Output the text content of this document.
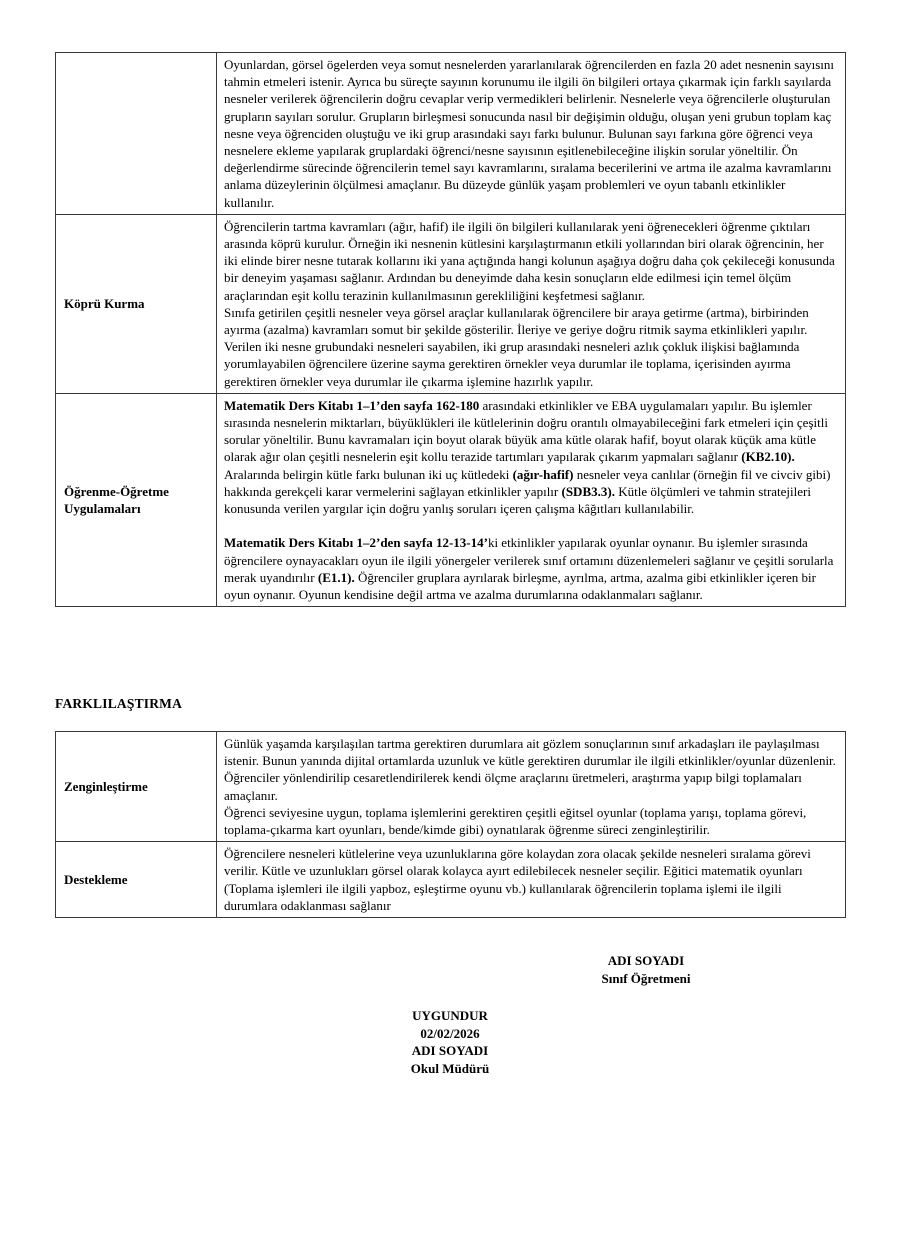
	Oyunlardan, görsel ögelerden veya somut nesnelerden yararlanılarak öğrencilerden en fazla 20 adet nesnenin sayısını tahmin etmeleri istenir. Ayrıca bu süreçte sayının korunumu ile ilgili ön bilgileri ortaya çıkarmak için farklı sayılarda nesneler verilerek öğrencilerin doğru cevaplar verip vermedikleri belirlenir. Nesnelerle veya öğrencilerle oluşturulan grupların sayıları sorulur. Grupların birleşmesi sonucunda nasıl bir değişimin olduğu, oluşan yeni grubun toplam kaç nesne veya öğrenciden oluştuğu ve iki grup arasındaki sayı farkı bulunur. Bulunan sayı farkına göre öğrenci veya nesnelere ekleme yapılarak gruplardaki öğrenci/nesne sayısının eşitlenebileceğine ilişkin sorular yöneltilir. Ön değerlendirme sürecinde öğrencilerin temel sayı kavramlarını, sıralama becerilerini ve artma ile azalma kavramlarını anlama düzeylerinin ölçülmesi amaçlanır. Bu düzeyde günlük yaşam problemleri ve oyun tabanlı etkinlikler kullanılır.

Köprü Kurma	Öğrencilerin tartma kavramları (ağır, hafif) ile ilgili ön bilgileri kullanılarak yeni öğrenecekleri öğrenme çıktıları arasında köprü kurulur. Örneğin iki nesnenin kütlesini karşılaştırmanın etkili yollarından biri olarak öğrencinin, her iki elinde birer nesne tutarak kollarını iki yana açtığında hangi kolunun aşağıya doğru daha çok çekileceği konusunda bir deneyim yaşaması sağlanır. Ardından bu deneyimde daha kesin sonuçların elde edilmesi için temel ölçüm araçlarından eşit kollu terazinin kullanılmasının gerekliliğini keşfetmesi sağlanır.

Sınıfa getirilen çeşitli nesneler veya görsel araçlar kullanılarak öğrencilere bir araya getirme (artma), birbirinden ayırma (azalma) kavramları somut bir şekilde gösterilir. İleriye ve geriye doğru ritmik sayma etkinlikleri yapılır. Verilen iki nesne grubundaki nesneleri sayabilen, iki grup arasındaki nesneleri azlık çokluk ilişkisi bağlamında yorumlayabilen öğrencilere üzerine sayma gerektiren örnekler veya durumlar ile toplama, içerisinden ayırma gerektiren örnekler veya durumlar ile çıkarma işlemine hazırlık yapılır.

Öğrenme-Öğretme Uygulamaları	Matematik Ders Kitabı 1–1’den sayfa 162-180 arasındaki etkinlikler ve EBA uygulamaları yapılır. Bu işlemler sırasında nesnelerin miktarları, büyüklükleri ile kütlelerinin doğru orantılı olmayabileceğini fark etmeleri için çeşitli sorular yöneltilir. Bunu kavramaları için boyut olarak büyük ama kütle olarak hafif, boyut olarak küçük ama kütle olarak ağır olan çeşitli nesnelerin eşit kollu terazide tartımları yapılarak çıkarım yapmaları sağlanır (KB2.10). Aralarında belirgin kütle farkı bulunan iki uç kütledeki (ağır-hafif) nesneler veya canlılar (örneğin fil ve civciv gibi) hakkında gerekçeli karar vermelerini sağlayan etkinlikler yapılır (SDB3.3). Kütle ölçümleri ve tahmin stratejileri konusunda verilen yargılar için doğru yanlış soruları içeren çalışma kâğıtları kullanılabilir.

Matematik Ders Kitabı 1–2’den sayfa 12-13-14’ki etkinlikler yapılarak oyunlar oynanır. Bu işlemler sırasında öğrencilere oynayacakları oyun ile ilgili yönergeler verilerek sınıf ortamını düzenlemeleri sağlanır ve çeşitli sorularla merak uyandırılır (E1.1). Öğrenciler gruplara ayrılarak birleşme, ayrılma, artma, azalma gibi etkinlikler içeren bir oyun oynanır. Oyunun kendisine değil artma ve azalma durumlarına odaklanmaları sağlanır.

FARKLILAŞTIRMA
Zenginleştirme	Günlük yaşamda karşılaşılan tartma gerektiren durumlara ait gözlem sonuçlarının sınıf arkadaşları ile paylaşılması istenir. Bunun yanında dijital ortamlarda uzunluk ve kütle gerektiren durumlar ile ilgili etkinlikler/oyunlar düzenlenir. Öğrenciler yönlendirilip cesaretlendirilerek kendi ölçme araçlarını üretmeleri, araştırma yapıp bilgi toplamaları amaçlanır.

Öğrenci seviyesine uygun, toplama işlemlerini gerektiren çeşitli eğitsel oyunlar (toplama yarışı, toplama görevi, toplama-çıkarma kart oyunları, bende/kimde gibi) oynatılarak öğrenme süreci zenginleştirilir.

Destekleme	Öğrencilere nesneleri kütlelerine veya uzunluklarına göre kolaydan zora olacak şekilde nesneleri sıralama görevi verilir. Kütle ve uzunlukları görsel olarak kolayca ayırt edilebilecek nesneler seçilir. Eğitici matematik oyunları (Toplama işlemleri ile ilgili yapboz, eşleştirme oyunu vb.) kullanılarak öğrencilerin toplama işlemi ile ilgili durumlara odaklanması sağlanır

ADI SOYADI
Sınıf Öğretmeni
UYGUNDUR
02/02/2026
ADI SOYADI
Okul Müdürü
